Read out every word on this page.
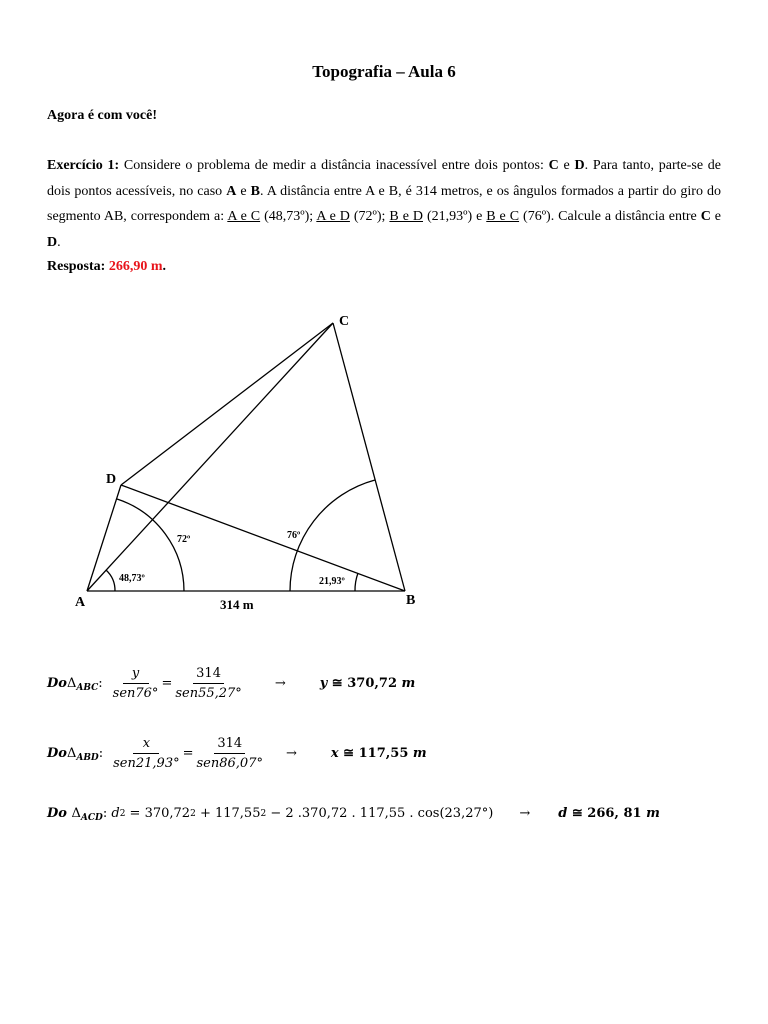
Topografia – Aula 6
Agora é com você!
Exercício 1: Considere o problema de medir a distância inacessível entre dois pontos: C e D. Para tanto, parte-se de dois pontos acessíveis, no caso A e B. A distância entre A e B, é 314 metros, e os ângulos formados a partir do giro do segmento AB, correspondem a: A e C (48,73º); A e D (72º); B e D (21,93º) e B e C (76º). Calcule a distância entre C e D.
Resposta: 266,90 m.
C
D
A	B
314 m
48,73º
72º	76º
21,93º
Do Δ ABC : $\frac{y}{\text{sen76°}} = \frac{314}{\text{sen55,27°}}$	→	y ≅ 370,72 m
Do Δ ABD : $\frac{x}{\text{sen21,93°}} = \frac{314}{\text{sen86,07°}}$ →	x ≅ 117,55 m
Do Δ ACD :
d 2 = 370,72 2 + 117,55 2 − 2 .370,72 . 117,55 . cos(23,27°) → d ≅ 266, 81 m
